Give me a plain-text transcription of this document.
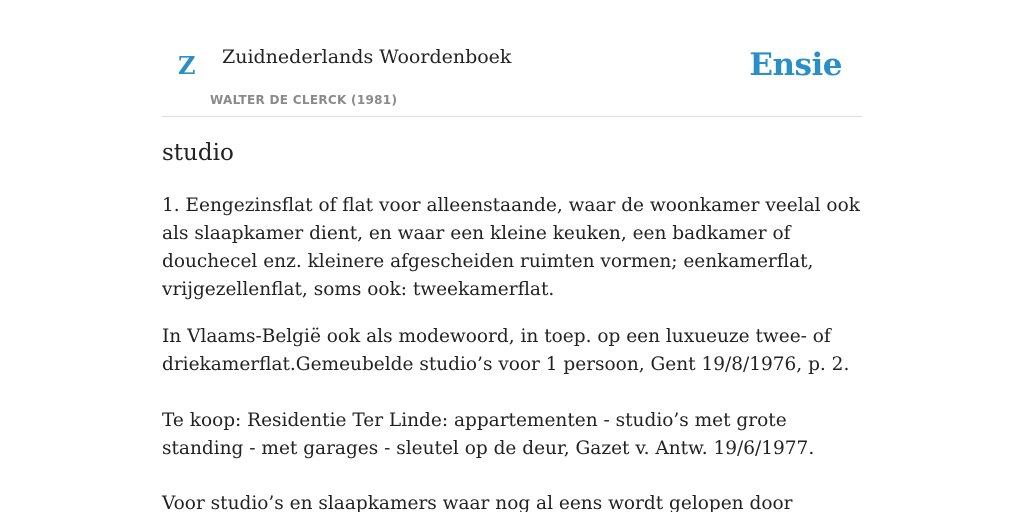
Z Zuidnederlands Woordenboek
WALTER DE CLERCK (1981)
Ensie
studio

1. Eengezinsflat of flat voor alleenstaande, waar de woonkamer veelal ook als slaapkamer dient, en waar een kleine keuken, een badkamer of douchecel enz. kleinere afgescheiden ruimten vormen; eenkamerflat, vrijgezellenflat, soms ook: tweekamerflat.

In Vlaams-België ook als modewoord, in toep. op een luxueuze twee- of driekamerflat.Gemeubelde studio’s voor 1 persoon, Gent 19/8/1976, p. 2.

Te koop: Residentie Ter Linde: appartementen - studio’s met grote standing - met garages - sleutel op de deur, Gazet v. Antw. 19/6/1977.

Voor studio’s en slaapkamers waar nog al eens wordt gelopen door
